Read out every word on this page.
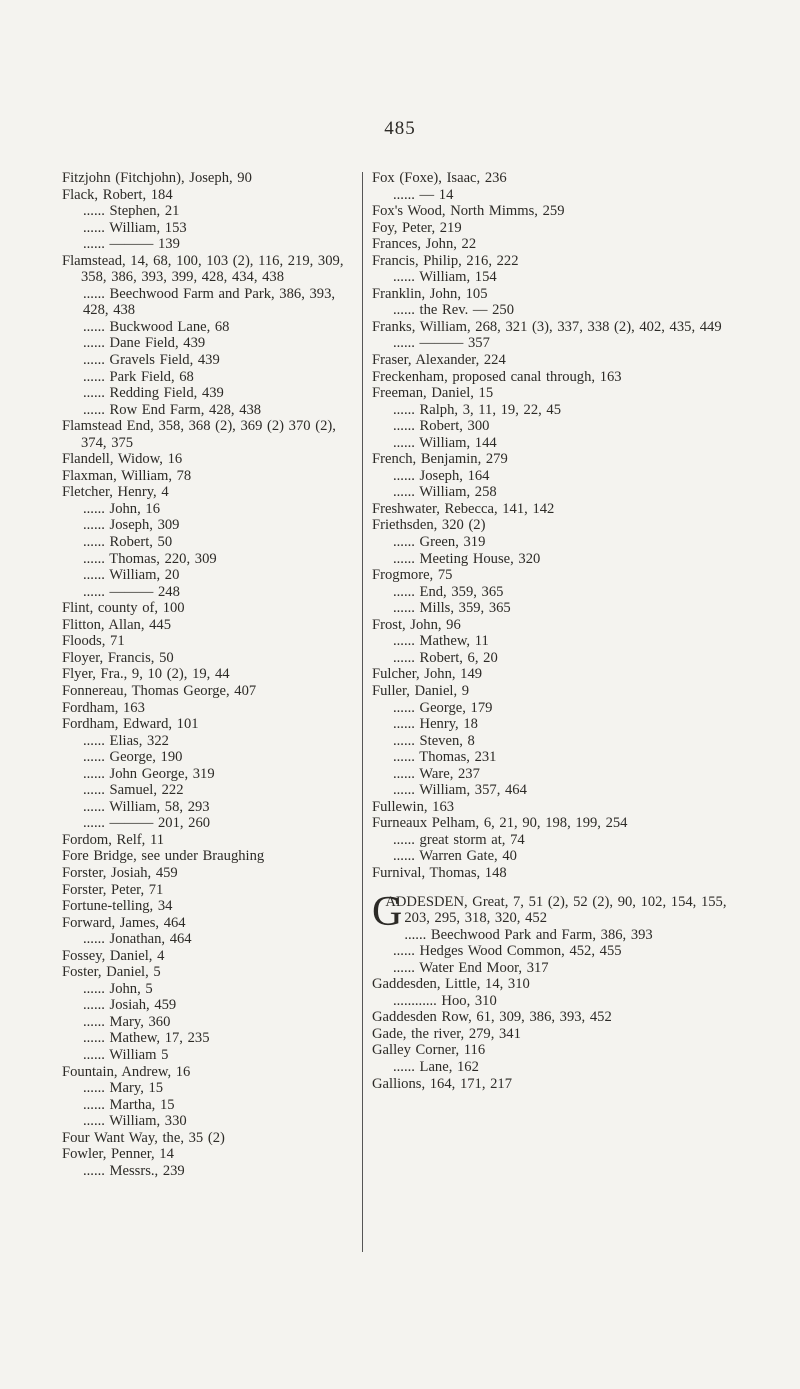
485
Fitzjohn (Fitchjohn), Joseph, 90
Flack, Robert, 184
...... Stephen, 21
...... William, 153
...... ——— 139
Flamstead, 14, 68, 100, 103 (2), 116, 219, 309, 358, 386, 393, 399, 428, 434, 438
...... Beechwood Farm and Park, 386, 393, 428, 438
...... Buckwood Lane, 68
...... Dane Field, 439
...... Gravels Field, 439
...... Park Field, 68
...... Redding Field, 439
...... Row End Farm, 428, 438
Flamstead End, 358, 368 (2), 369 (2) 370 (2), 374, 375
Flandell, Widow, 16
Flaxman, William, 78
Fletcher, Henry, 4
...... John, 16
...... Joseph, 309
...... Robert, 50
...... Thomas, 220, 309
...... William, 20
...... ——— 248
Flint, county of, 100
Flitton, Allan, 445
Floods, 71
Floyer, Francis, 50
Flyer, Fra., 9, 10 (2), 19, 44
Fonnereau, Thomas George, 407
Fordham, 163
Fordham, Edward, 101
...... Elias, 322
...... George, 190
...... John George, 319
...... Samuel, 222
...... William, 58, 293
...... ——— 201, 260
Fordom, Relf, 11
Fore Bridge, see under Braughing
Forster, Josiah, 459
Forster, Peter, 71
Fortune-telling, 34
Forward, James, 464
...... Jonathan, 464
Fossey, Daniel, 4
Foster, Daniel, 5
...... John, 5
...... Josiah, 459
...... Mary, 360
...... Mathew, 17, 235
...... William 5
Fountain, Andrew, 16
...... Mary, 15
...... Martha, 15
...... William, 330
Four Want Way, the, 35 (2)
Fowler, Penner, 14
...... Messrs., 239
Fox (Foxe), Isaac, 236
...... — 14
Fox's Wood, North Mimms, 259
Foy, Peter, 219
Frances, John, 22
Francis, Philip, 216, 222
...... William, 154
Franklin, John, 105
...... the Rev. — 250
Franks, William, 268, 321 (3), 337, 338 (2), 402, 435, 449
...... ——— 357
Fraser, Alexander, 224
Freckenham, proposed canal through, 163
Freeman, Daniel, 15
...... Ralph, 3, 11, 19, 22, 45
...... Robert, 300
...... William, 144
French, Benjamin, 279
...... Joseph, 164
...... William, 258
Freshwater, Rebecca, 141, 142
Friethsden, 320 (2)
...... Green, 319
...... Meeting House, 320
Frogmore, 75
...... End, 359, 365
...... Mills, 359, 365
Frost, John, 96
...... Mathew, 11
...... Robert, 6, 20
Fulcher, John, 149
Fuller, Daniel, 9
...... George, 179
...... Henry, 18
...... Steven, 8
...... Thomas, 231
...... Ware, 237
...... William, 357, 464
Fullewin, 163
Furneaux Pelham, 6, 21, 90, 198, 199, 254
...... great storm at, 74
...... Warren Gate, 40
Furnival, Thomas, 148
G
ADDESDEN, Great, 7, 51 (2), 52 (2), 90, 102, 154, 155, 203, 295, 318, 320, 452
...... Beechwood Park and Farm, 386, 393
...... Hedges Wood Common, 452, 455
...... Water End Moor, 317
Gaddesden, Little, 14, 310
............ Hoo, 310
Gaddesden Row, 61, 309, 386, 393, 452
Gade, the river, 279, 341
Galley Corner, 116
...... Lane, 162
Gallions, 164, 171, 217
